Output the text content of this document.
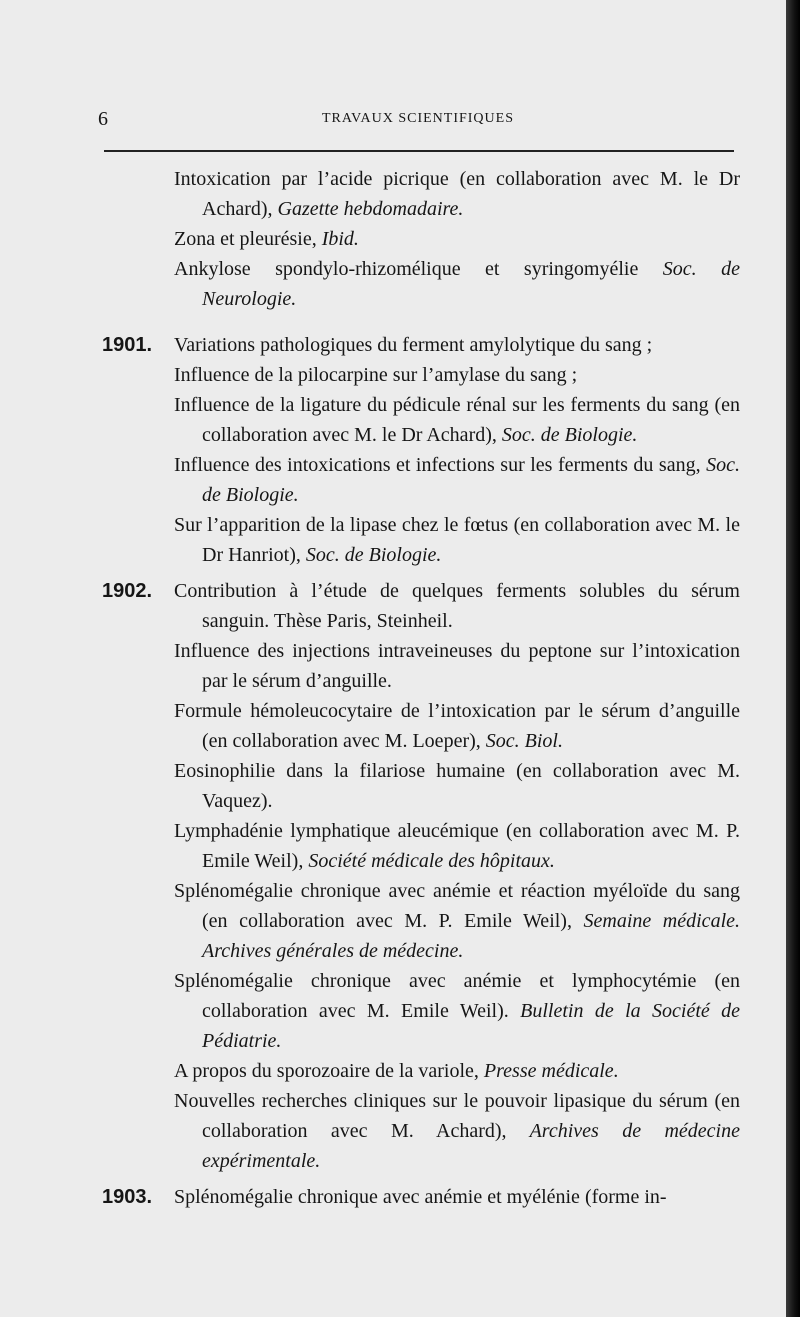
6	TRAVAUX SCIENTIFIQUES

Intoxication par l’acide picrique (en collaboration avec M. le Dr Achard), Gazette hebdomadaire.

Zona et pleurésie, Ibid.

Ankylose spondylo-rhizomélique et syringomyélie Soc. de Neurologie.

1901. Variations pathologiques du ferment amylolytique du sang ;

Influence de la pilocarpine sur l’amylase du sang ;

Influence de la ligature du pédicule rénal sur les ferments du sang (en collaboration avec M. le Dr Achard), Soc. de Biologie.

Influence des intoxications et infections sur les ferments du sang, Soc. de Biologie.

Sur l’apparition de la lipase chez le fœtus (en collaboration avec M. le Dr Hanriot), Soc. de Biologie.

1902. Contribution à l’étude de quelques ferments solubles du sérum sanguin. Thèse Paris, Steinheil.

Influence des injections intraveineuses du peptone sur l’intoxication par le sérum d’anguille.

Formule hémoleucocytaire de l’intoxication par le sérum d’anguille (en collaboration avec M. Loeper), Soc. Biol.

Eosinophilie dans la filariose humaine (en collaboration avec M. Vaquez).

Lymphadénie lymphatique aleucémique (en collaboration avec M. P. Emile Weil), Société médicale des hôpitaux.

Splénomégalie chronique avec anémie et réaction myéloïde du sang (en collaboration avec M. P. Emile Weil), Semaine médicale. Archives générales de médecine.

Splénomégalie chronique avec anémie et lymphocytémie (en collaboration avec M. Emile Weil). Bulletin de la Société de Pédiatrie.

A propos du sporozoaire de la variole, Presse médicale.

Nouvelles recherches cliniques sur le pouvoir lipasique du sérum (en collaboration avec M. Achard), Archives de médecine expérimentale.

1903. Splénomégalie chronique avec anémie et myélénie (forme in-
